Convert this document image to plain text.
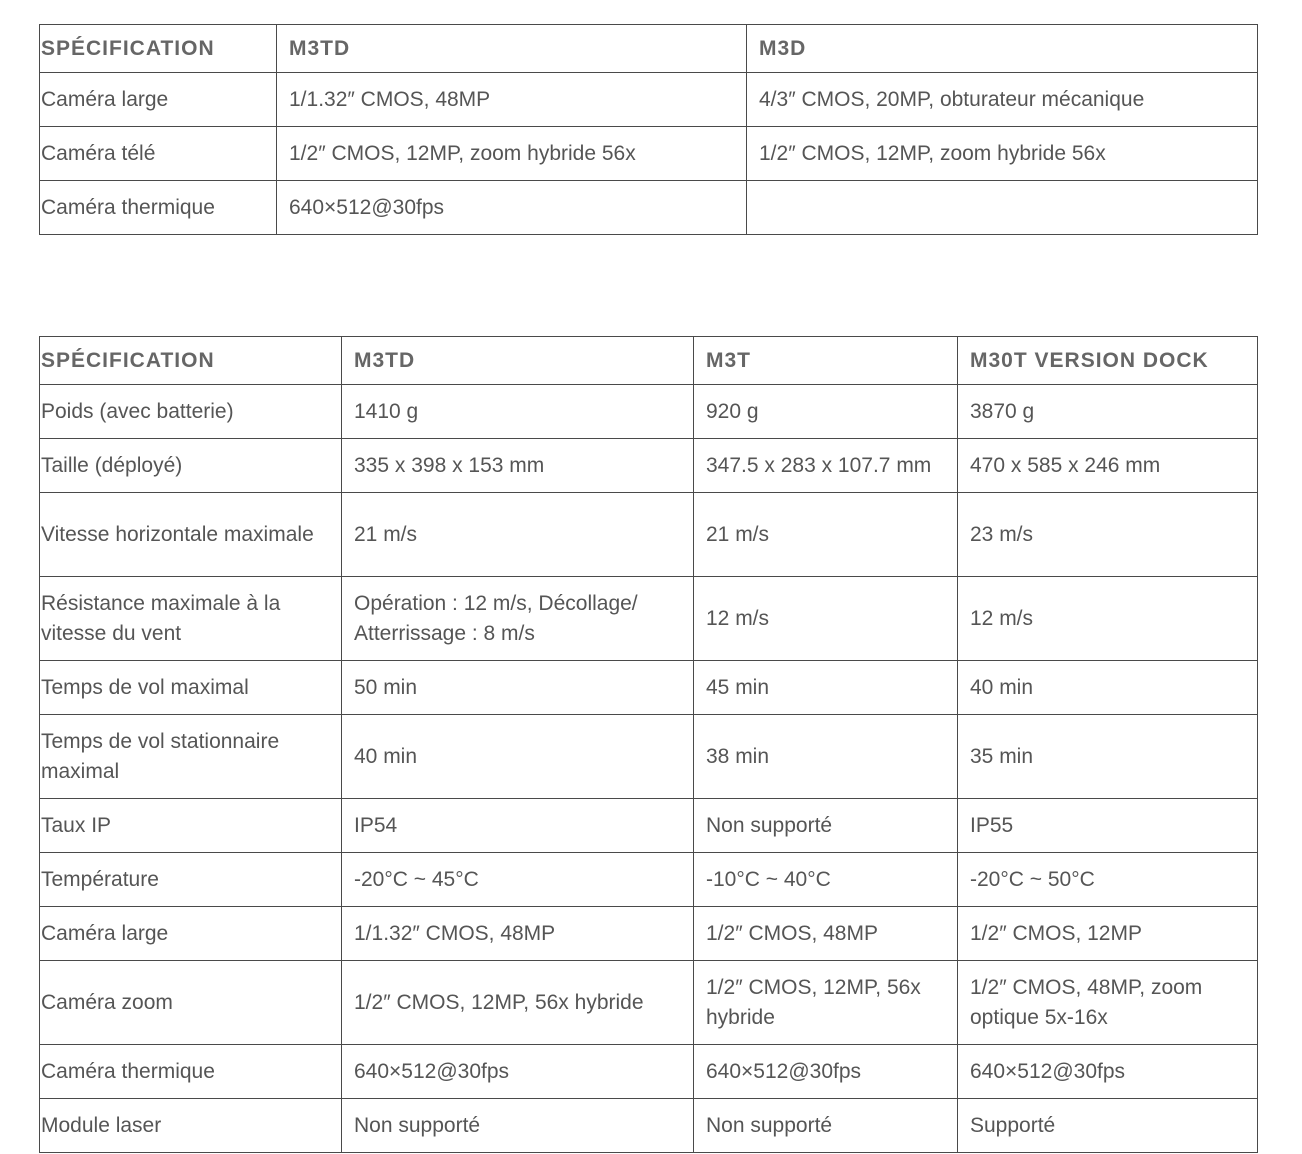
SPÉCIFICATION	M3TD	M3D
Caméra large	1/1.32″ CMOS, 48MP	4/3″ CMOS, 20MP, obturateur mécanique
Caméra télé	1/2″ CMOS, 12MP, zoom hybride 56x	1/2″ CMOS, 12MP, zoom hybride 56x
Caméra thermique	640×512@30fps	
SPÉCIFICATION	M3TD	M3T	M30T VERSION DOCK
Poids (avec batterie)	1410 g	920 g	3870 g
Taille (déployé)	335 x 398 x 153 mm	347.5 x 283 x 107.7 mm	470 x 585 x 246 mm
Vitesse horizontale maximale	21 m/s	21 m/s	23 m/s
Résistance maximale à la vitesse du vent	Opération : 12 m/s, Décollage/ Atterrissage : 8 m/s	12 m/s	12 m/s
Temps de vol maximal	50 min	45 min	40 min
Temps de vol stationnaire maximal	40 min	38 min	35 min
Taux IP	IP54	Non supporté	IP55
Température	-20°C ~ 45°C	-10°C ~ 40°C	-20°C ~ 50°C
Caméra large	1/1.32″ CMOS, 48MP	1/2″ CMOS, 48MP	1/2″ CMOS, 12MP
Caméra zoom	1/2″ CMOS, 12MP, 56x hybride	1/2″ CMOS, 12MP, 56x hybride	1/2″ CMOS, 48MP, zoom optique 5x-16x
Caméra thermique	640×512@30fps	640×512@30fps	640×512@30fps
Module laser	Non supporté	Non supporté	Supporté
